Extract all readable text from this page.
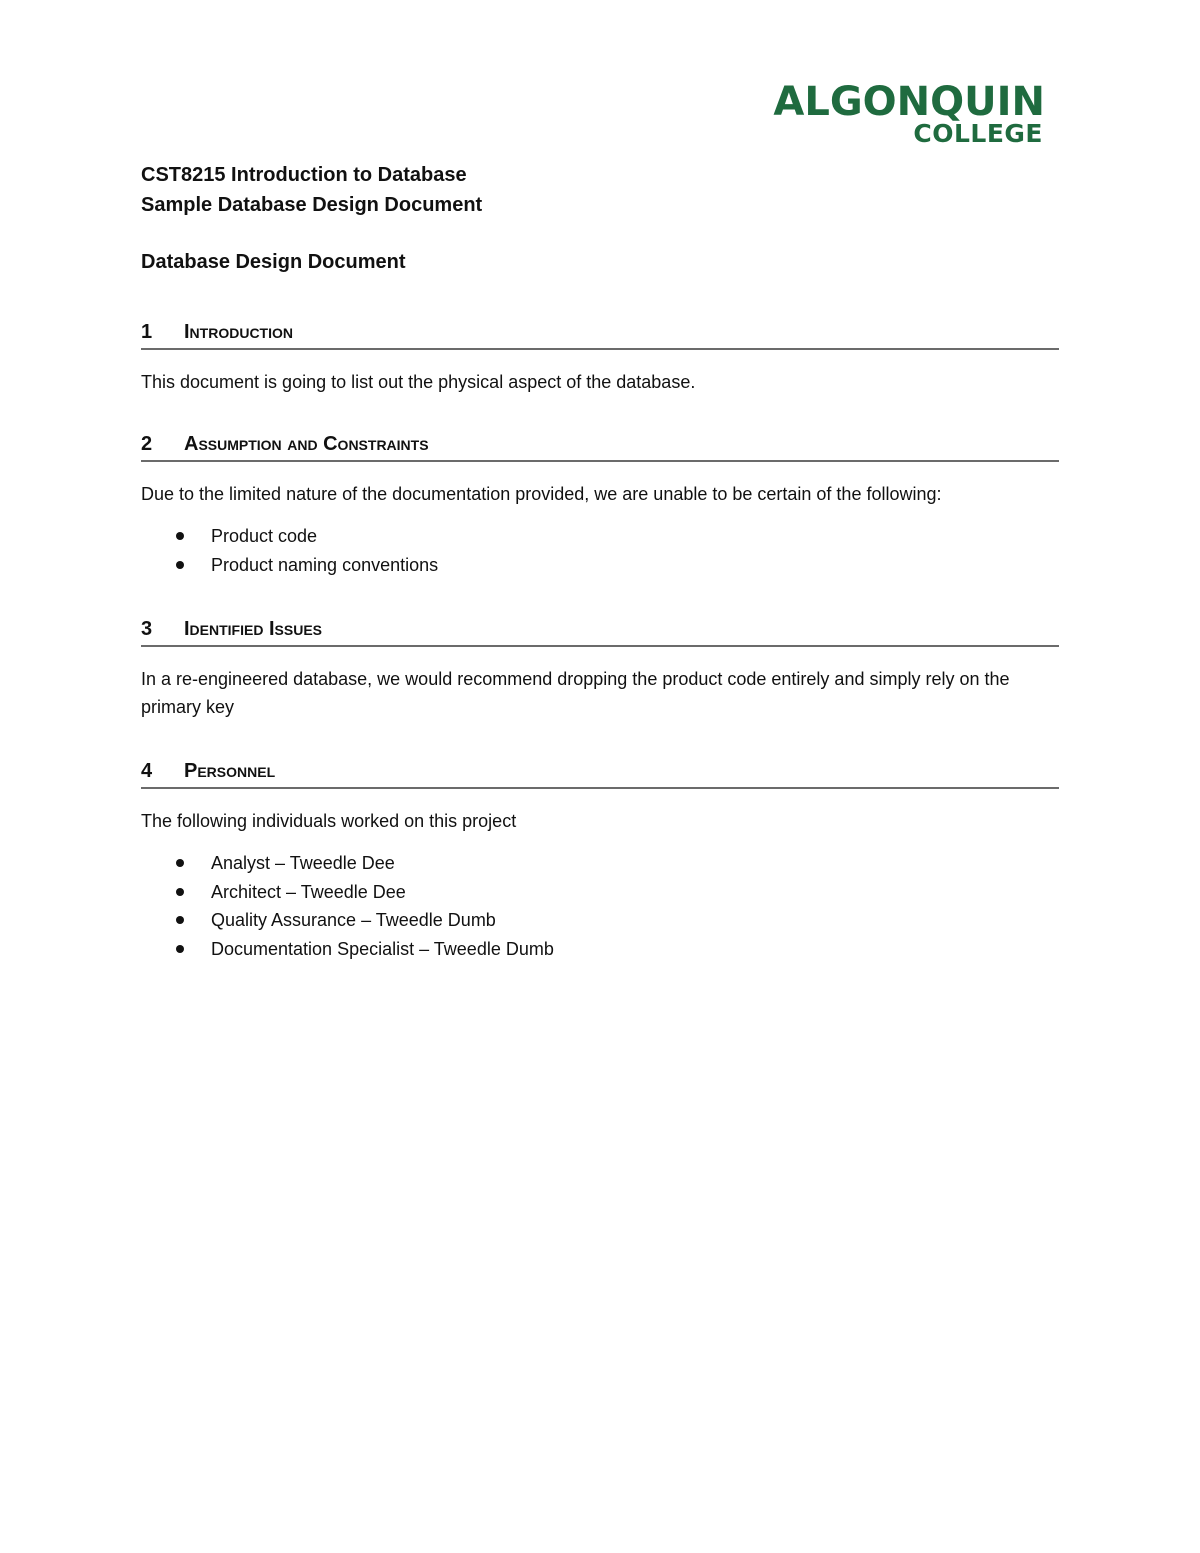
ALGONQUIN
COLLEGE
CST8215 Introduction to Database
Sample Database Design Document
Database Design Document
1	Introduction
This document is going to list out the physical aspect of the database.
2	Assumption and Constraints
Due to the limited nature of the documentation provided, we are unable to be certain of the following:
Product code
Product naming conventions
3	Identified Issues
In a re-engineered database, we would recommend dropping the product code entirely and simply rely on the primary key
4	Personnel
The following individuals worked on this project
Analyst – Tweedle Dee
Architect – Tweedle Dee
Quality Assurance – Tweedle Dumb
Documentation Specialist – Tweedle Dumb
